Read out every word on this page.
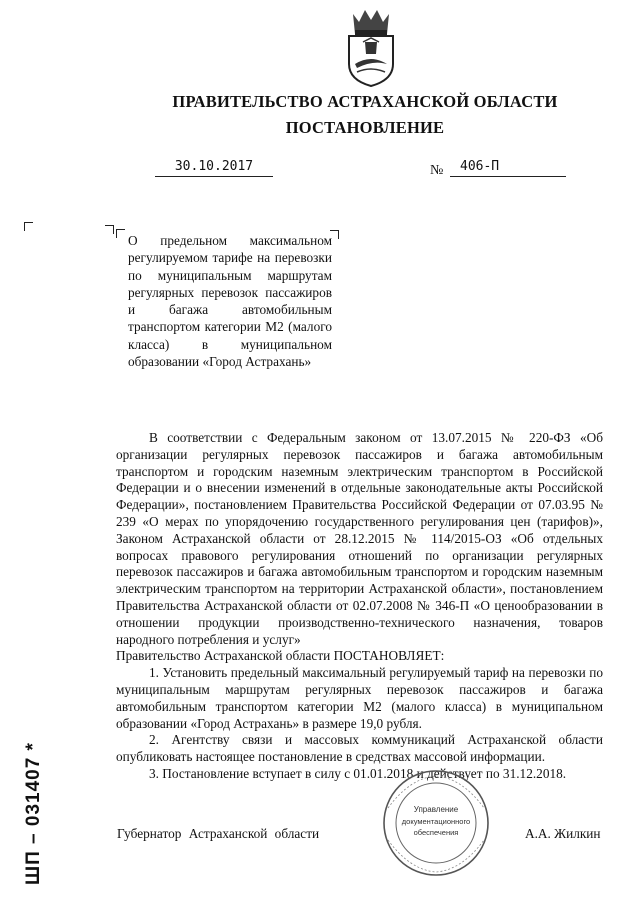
ПРАВИТЕЛЬСТВО АСТРАХАНСКОЙ ОБЛАСТИ
ПОСТАНОВЛЕНИЕ
30.10.2017	№	406-П
О предельном максимальном регулируемом тарифе на перевозки по муниципальным маршрутам регулярных перевозок пассажиров и багажа автомобильным транспортом категории М2 (малого класса) в муниципальном образовании «Город Астрахань»

В соответствии с Федеральным законом от 13.07.2015 № 220-ФЗ «Об организации регулярных перевозок пассажиров и багажа автомобильным транспортом и городским наземным электрическим транспортом в Российской Федерации и о внесении изменений в отдельные законодательные акты Российской Федерации», постановлением Правительства Российской Федерации от 07.03.95 № 239 «О мерах по упорядочению государственного регулирования цен (тарифов)», Законом Астраханской области от 28.12.2015 № 114/2015-ОЗ «Об отдельных вопросах правового регулирования отношений по организации регулярных перевозок пассажиров и багажа автомобильным транспортом и городским наземным электрическим транспортом на территории Астраханской области», постановлением Правительства Астраханской области от 02.07.2008 № 346-П «О ценообразовании в отношении продукции производственно-технического назначения, товаров народного потребления и услуг»

Правительство Астраханской области ПОСТАНОВЛЯЕТ:

1. Установить предельный максимальный регулируемый тариф на перевозки по муниципальным маршрутам регулярных перевозок пассажиров и багажа автомобильным транспортом категории М2 (малого класса) в муниципальном образовании «Город Астрахань» в размере 19,0 рубля.

2. Агентству связи и массовых коммуникаций Астраханской области опубликовать настоящее постановление в средствах массовой информации.

3. Постановление вступает в силу с 01.01.2018 и действует по 31.12.2018.

Управление
документационного
обеспечения
Губернатор Астраханской области	А.А. Жилкин
ШП – 031407 *
